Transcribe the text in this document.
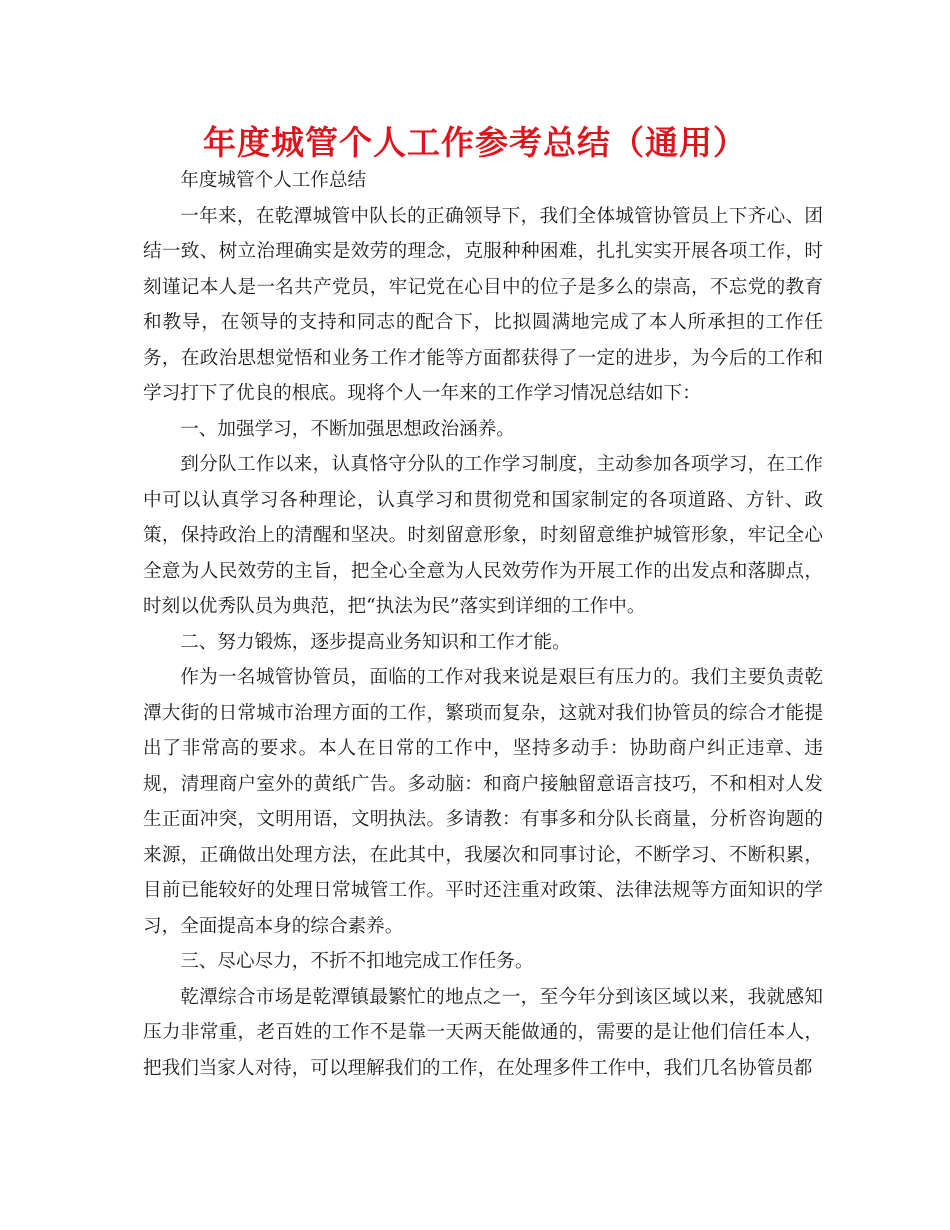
年度城管个人工作参考总结（通用）

年度城管个人工作总结

一年来，在乾潭城管中队长的正确领导下，我们全体城管协管员上下齐心、团结一致、树立治理确实是效劳的理念，克服种种困难，扎扎实实开展各项工作，时刻谨记本人是一名共产党员，牢记党在心目中的位子是多么的崇高，不忘党的教育和教导，在领导的支持和同志的配合下，比拟圆满地完成了本人所承担的工作任务，在政治思想觉悟和业务工作才能等方面都获得了一定的进步，为今后的工作和学习打下了优良的根底。现将个人一年来的工作学习情况总结如下：

一、加强学习，不断加强思想政治涵养。

到分队工作以来，认真恪守分队的工作学习制度，主动参加各项学习，在工作中可以认真学习各种理论，认真学习和贯彻党和国家制定的各项道路、方针、政策，保持政治上的清醒和坚决。时刻留意形象，时刻留意维护城管形象，牢记全心全意为人民效劳的主旨，把全心全意为人民效劳作为开展工作的出发点和落脚点，时刻以优秀队员为典范，把“执法为民”落实到详细的工作中。

二、努力锻炼，逐步提高业务知识和工作才能。

作为一名城管协管员，面临的工作对我来说是艰巨有压力的。我们主要负责乾潭大街的日常城市治理方面的工作，繁琐而复杂，这就对我们协管员的综合才能提出了非常高的要求。本人在日常的工作中，坚持多动手：协助商户纠正违章、违规，清理商户室外的黄纸广告。多动脑：和商户接触留意语言技巧，不和相对人发生正面冲突，文明用语，文明执法。多请教：有事多和分队长商量，分析咨询题的来源，正确做出处理方法，在此其中，我屡次和同事讨论，不断学习、不断积累，目前已能较好的处理日常城管工作。平时还注重对政策、法律法规等方面知识的学习，全面提高本身的综合素养。

三、尽心尽力，不折不扣地完成工作任务。

乾潭综合市场是乾潭镇最繁忙的地点之一，至今年分到该区域以来，我就感知压力非常重，老百姓的工作不是靠一天两天能做通的，需要的是让他们信任本人，把我们当家人对待，可以理解我们的工作，在处理多件工作中，我们几名协管员都
